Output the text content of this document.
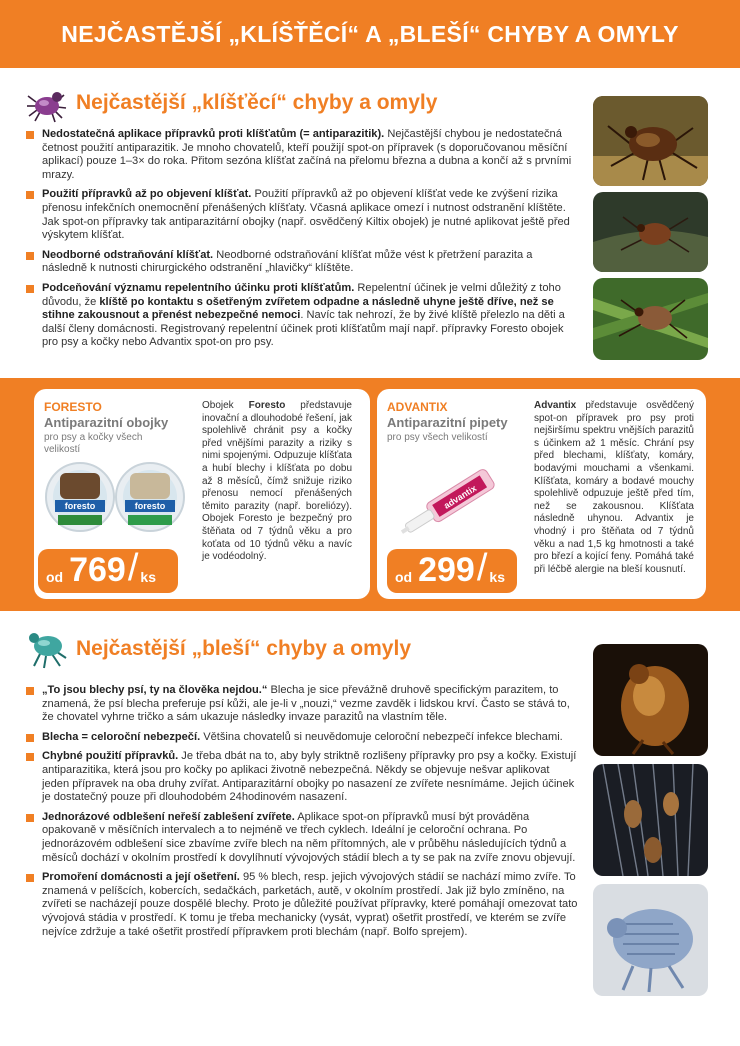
NEJČASTĚJŠÍ „KLÍŠŤĚCÍ“ A „BLEŠÍ“ CHYBY A OMYLY
Nejčastější „klíšťěcí“ chyby a omyly
Nedostatečná aplikace přípravků proti klíšťatům (= antiparazitik). Nejčastější chybou je nedostatečná četnost použití antiparazitik. Je mnoho chovatelů, kteří použijí spot-on přípravek (s doporučovanou měsíční aplikací) pouze 1–3× do roka. Přitom sezóna klíšťat začíná na přelomu března a dubna a končí až s prvními mrazy.
Použití přípravků až po objevení klíšťat. Použití přípravků až po objevení klíšťat vede ke zvýšení rizika přenosu infekčních onemocnění přenášených klíšťaty. Včasná aplikace omezí i nutnost odstranění klíštěte. Jak spot-on přípravky tak antiparazitární obojky (např. osvědčený Kiltix obojek) je nutné aplikovat ještě před výskytem klíšťat.
Neodborné odstraňování klíšťat. Neodborné odstraňování klíšťat může vést k přetržení parazita a následně k nutnosti chirurgického odstranění „hlavičky“ klíštěte.
Podceňování významu repelentního účinku proti klíšťatům. Repelentní účinek je velmi důležitý z toho důvodu, že klíště po kontaktu s ošetřeným zvířetem odpadne a následně uhyne ještě dříve, než se stihne zakousnout a přenést nebezpečné nemoci. Navíc tak nehrozí, že by živé klíště přelezlo na děti a další členy domácnosti. Registrovaný repelentní účinek proti klíšťatům mají např. přípravky Foresto obojek pro psy a kočky nebo Advantix spot-on pro psy.
FORESTO
Antiparazitní obojky
pro psy a kočky všech velikostí
foresto	foresto
od 769 / ks
Obojek Foresto představuje inovační a dlouhodobé řešení, jak spolehlivě chránit psy a kočky před vnějšími parazity a riziky s nimi spojenými. Odpuzuje klíšťata a hubí blechy i klíšťata po dobu až 8 měsíců, čímž snižuje riziko přenosu nemocí přenášených těmito parazity (např. boreliózy). Obojek Foresto je bezpečný pro štěňata od 7 týdnů věku a pro koťata od 10 týdnů věku a navíc je vodéodolný.
ADVANTIX
Antiparazitní pipety
pro psy všech velikostí
advantix
od 299 / ks
Advantix představuje osvědčený spot-on přípravek pro psy proti nejširšímu spektru vnějších parazitů s účinkem až 1 měsíc. Chrání psy před blechami, klíšťaty, komáry, bodavými mouchami a všenkami. Klíšťata, komáry a bodavé mouchy spolehlivě odpuzuje ještě před tím, než se zakousnou. Klíšťata následně uhynou. Advantix je vhodný i pro štěňata od 7 týdnů věku a nad 1,5 kg hmotnosti a také pro březí a kojící feny. Pomáhá také při léčbě alergie na bleší kousnutí.
Nejčastější „bleší“ chyby a omyly
„To jsou blechy psí, ty na člověka nejdou.“ Blecha je sice převážně druhově specifickým parazitem, to znamená, že psí blecha preferuje psí kůži, ale je-li v „nouzi,“ vezme zavděk i lidskou krví. Často se stává to, že chovatel vyhrne tričko a sám ukazuje následky invaze parazitů na vlastním těle.
Blecha = celoroční nebezpečí. Většina chovatelů si neuvědomuje celoroční nebezpečí infekce blechami.
Chybné použití přípravků. Je třeba dbát na to, aby byly striktně rozlišeny přípravky pro psy a kočky. Existují antiparazitika, která jsou pro kočky po aplikaci životně nebezpečná. Někdy se objevuje nešvar aplikovat jeden přípravek na oba druhy zvířat. Antiparazitární obojky po nasazení ze zvířete nesnímáme. Jejich účinek je dostatečný pouze při dlouhodobém 24hodinovém nasazení.
Jednorázové odblešení neřeší zablešení zvířete. Aplikace spot-on přípravků musí být prováděna opakovaně v měsíčních intervalech a to nejméně ve třech cyklech. Ideální je celoroční ochrana. Po jednorázovém odblešení sice zbavíme zvíře blech na něm přítomných, ale v průběhu následujících týdnů a měsíců dochází v okolním prostředí k dovylíhnutí vývojových stádií blech a ty se pak na zvíře znovu objevují.
Promoření domácnosti a její ošetření. 95 % blech, resp. jejich vývojových stádií se nachází mimo zvíře. To znamená v pelíšcích, kobercích, sedačkách, parketách, autě, v okolním prostředí. Jak již bylo zmíněno, na zvířeti se nacházejí pouze dospělé blechy. Proto je důležité používat přípravky, které pomáhají omezovat tato vývojová stádia v prostředí. K tomu je třeba mechanicky (vysát, vyprat) ošetřit prostředí, ve kterém se zvíře nejvíce zdržuje a také ošetřit prostředí přípravkem proti blechám (např. Bolfo sprejem).
